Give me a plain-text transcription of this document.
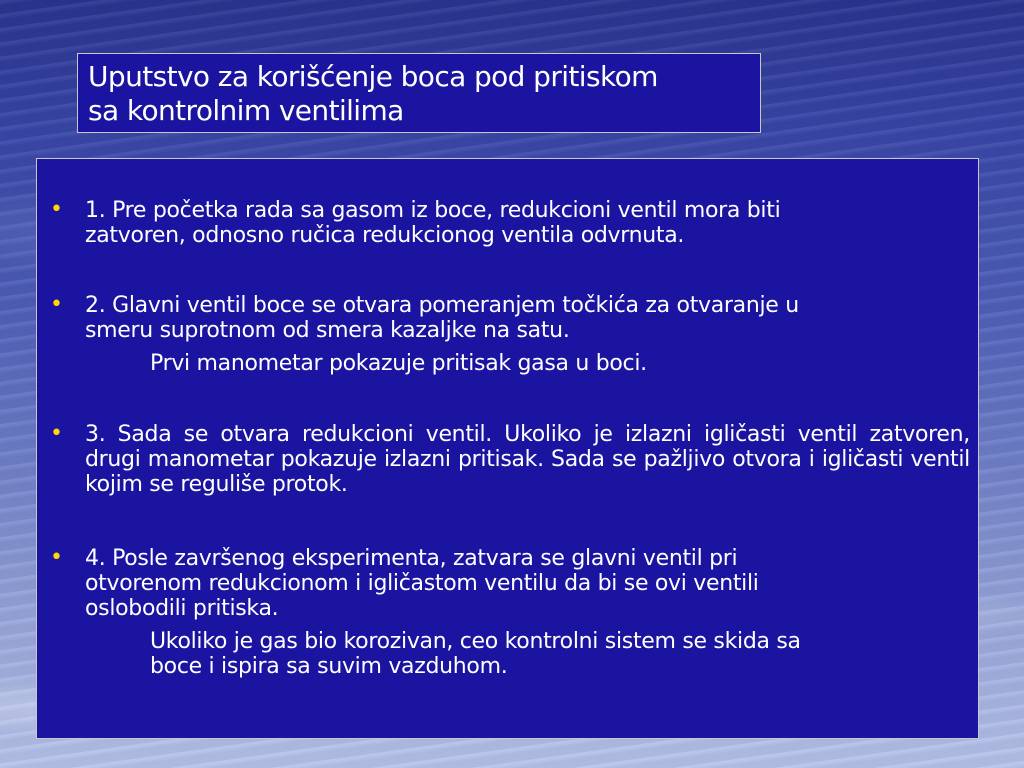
Uputstvo za korišćenje boca pod pritiskom
sa kontrolnim ventilima
• 1. Pre početka rada sa gasom iz boce, redukcioni ventil mora biti
zatvoren, odnosno ručica redukcionog ventila odvrnuta.
• 2. Glavni ventil boce se otvara pomeranjem točkića za otvaranje u
smeru suprotnom od smera kazaljke na satu.
Prvi manometar pokazuje pritisak gasa u boci.
• 3. Sada se otvara redukcioni ventil. Ukoliko je izlazni igličasti ventil zatvoren, drugi manometar pokazuje izlazni pritisak. Sada se pažljivo otvora i igličasti ventil kojim se reguliše protok.
• 4. Posle završenog eksperimenta, zatvara se glavni ventil pri
otvorenom redukcionom i igličastom ventilu da bi se ovi ventili
oslobodili pritiska.
Ukoliko je gas bio korozivan, ceo kontrolni sistem se skida sa
boce i ispira sa suvim vazduhom.
